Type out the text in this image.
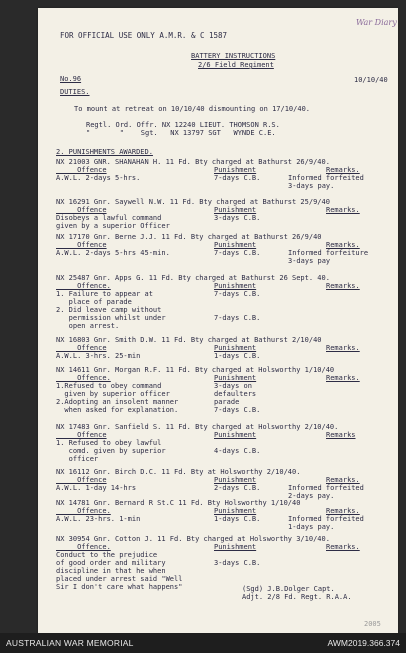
FOR OFFICIAL USE ONLY A.M.R. & C 1587
War Diary
BATTERY INSTRUCTIONS
2/6 Field Regiment
No.96	10/10/40
DUTIES.
To mount at retreat on 10/10/40 dismounting on 17/10/40.
Regtl. Ord. Offr. NX 12240 LIEUT. THOMSON R.S.
"       "    Sgt.   NX 13797 SGT   WYNDE C.E.
2. PUNISHMENTS AWARDED.
NX 21003 GNR. SHANAHAN H. 11 Fd. Bty charged at Bathurst 26/9/40.
Offence
A.W.L. 2-days 5-hrs.
Punishment
7-days C.B.
Remarks.
Informed forfeited
3-days pay.
NX 16291 Gnr. Saywell N.W. 11 Fd. Bty charged at Bathurst 25/9/40
Offence
Disobeys a lawful command
given by a superior Officer
Punishment
3-days C.B.
Remarks.
NX 17170 Gnr. Berne J.J. 11 Fd. Bty charged at Bathurst 26/9/40
Offence
A.W.L. 2-days 5-hrs 45-min.
Punishment
7-days C.B.
Remarks.
Informed forfeiture
3-days pay
NX 25487 Gnr. Apps G. 11 Fd. Bty charged at Bathurst 26 Sept. 40.
Offence.
1. Failure to appear at
place of parade
2. Did leave camp without
permission whilst under
open arrest.
Punishment
7-days C.B.
7-days C.B.
Remarks.
NX 16803 Gnr. Smith D.W. 11 Fd. Bty charged at Bathurst 2/10/40
Offence
A.W.L. 3-hrs. 25-min
Punishment
1-days C.B.
Remarks.
NX 14611 Gnr. Morgan R.F. 11 Fd. Bty charged at Holsworthy 1/10/40
Offence.
1.Refused to obey command
given by superior officer
2.Adopting an insolent manner
when asked for explanation.
Punishment
3-days on
defaulters
parade
7-days C.B.
Remarks.
NX 17483 Gnr. Sanfield S. 11 Fd. Bty charged at Holsworthy 2/10/40.
Offence
1. Refused to obey lawful
comd. given by superior
officer
Punishment
4-days C.B.
Remarks
NX 16112 Gnr. Birch D.C. 11 Fd. Bty at Holsworthy 2/10/40.
Offence
A.W.L. 1-day 14-hrs
Punishment
2-days C.B.
Remarks.
Informed forfeited
2-days pay.
NX 14781 Gnr. Bernard R St.C 11 Fd. Bty Holsworthy 1/10/40
Offence.
A.W.L. 23-hrs. 1-min
Punishment
1-days C.B.
Remarks.
Informed forfeited
1-days pay.
NX 30954 Gnr. Cotton J. 11 Fd. Bty charged at Holsworthy 3/10/40.
Offence.
Conduct to the prejudice
of good order and military
discipline in that he when
placed under arrest said "Well
Sir I don't care what happens"
Punishment
3-days C.B.
Remarks.
(Sgd) J.B.Dolger Capt.
Adjt. 2/8 Fd. Regt. R.A.A.
2005
AUSTRALIAN WAR MEMORIAL	AWM2019.366.374
